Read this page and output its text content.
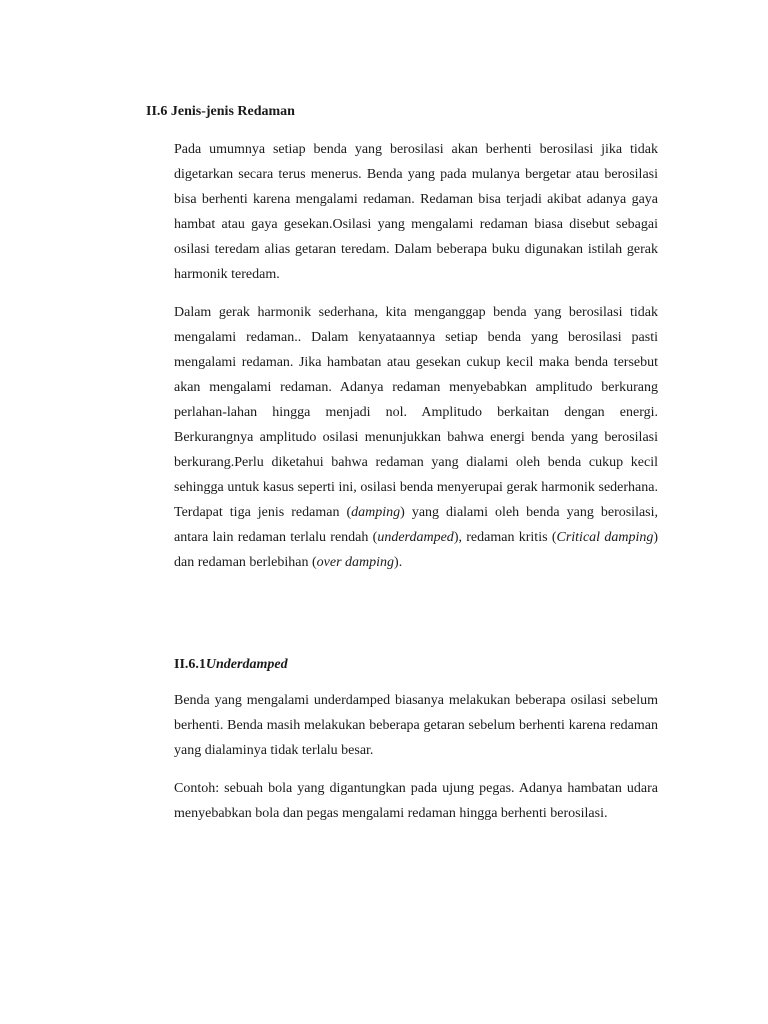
II.6 Jenis-jenis Redaman

Pada umumnya setiap benda yang berosilasi akan berhenti berosilasi jika tidak digetarkan secara terus menerus. Benda yang pada mulanya bergetar atau berosilasi bisa berhenti karena mengalami redaman. Redaman bisa terjadi akibat adanya gaya hambat atau gaya gesekan.Osilasi yang mengalami redaman biasa disebut sebagai osilasi teredam alias getaran teredam. Dalam beberapa buku digunakan istilah gerak harmonik teredam.

Dalam gerak harmonik sederhana, kita menganggap benda yang berosilasi tidak mengalami redaman.. Dalam kenyataannya setiap benda yang berosilasi pasti mengalami redaman. Jika hambatan atau gesekan cukup kecil maka benda tersebut akan mengalami redaman. Adanya redaman menyebabkan amplitudo berkurang perlahan-lahan hingga menjadi nol. Amplitudo berkaitan dengan energi. Berkurangnya amplitudo osilasi menunjukkan bahwa energi benda yang berosilasi berkurang.Perlu diketahui bahwa redaman yang dialami oleh benda cukup kecil sehingga untuk kasus seperti ini, osilasi benda menyerupai gerak harmonik sederhana. Terdapat tiga jenis redaman (damping) yang dialami oleh benda yang berosilasi, antara lain redaman terlalu rendah (underdamped), redaman kritis (Critical damping) dan redaman berlebihan (over damping).

II.6.1Underdamped

Benda yang mengalami underdamped biasanya melakukan beberapa osilasi sebelum berhenti. Benda masih melakukan beberapa getaran sebelum berhenti karena redaman yang dialaminya tidak terlalu besar.

Contoh: sebuah bola yang digantungkan pada ujung pegas. Adanya hambatan udara menyebabkan bola dan pegas mengalami redaman hingga berhenti berosilasi.
